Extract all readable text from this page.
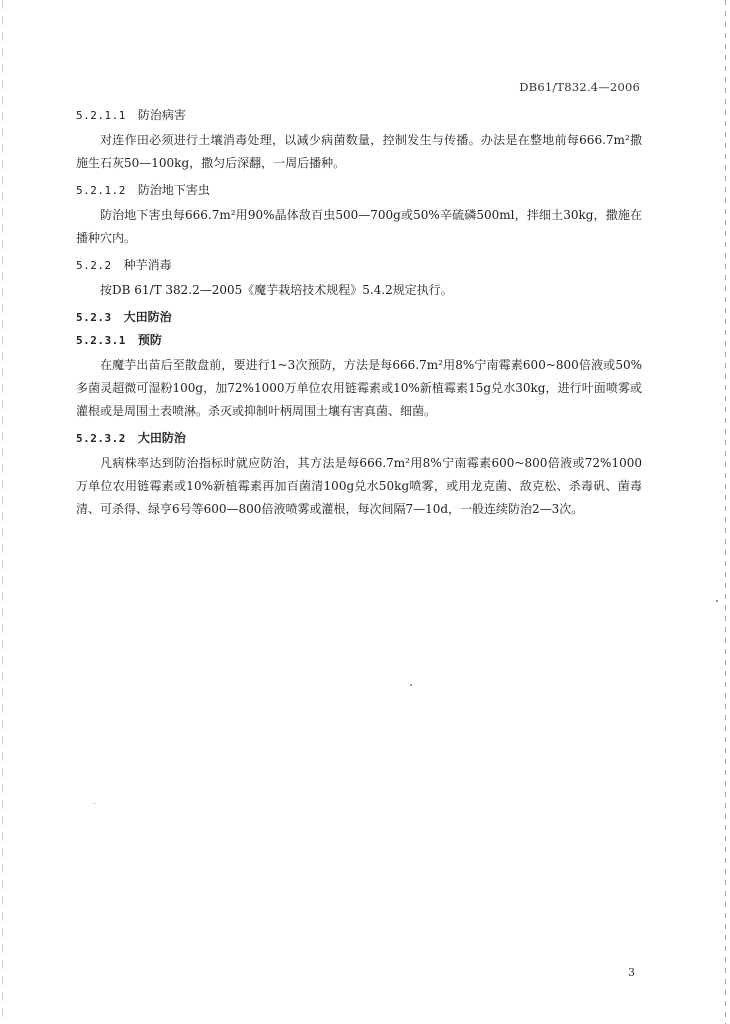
DB61/T832.4—2006
5.2.1.1 防治病害

对连作田必须进行土壤消毒处理，以减少病菌数量，控制发生与传播。办法是在整地前每666.7m²撒施生石灰50—100kg，撒匀后深翻，一周后播种。

5.2.1.2 防治地下害虫

防治地下害虫每666.7m²用90%晶体敌百虫500—700g或50%辛硫磷500ml，拌细土30kg，撒施在播种穴内。

5.2.2 种芋消毒

按DB 61/T 382.2—2005《魔芋栽培技术规程》5.4.2规定执行。

5.2.3 大田防治
5.2.3.1 预防

在魔芋出苗后至散盘前，要进行1~3次预防，方法是每666.7m²用8%宁南霉素600~800倍液或50%多菌灵超微可湿粉100g，加72%1000万单位农用链霉素或10%新植霉素15g兑水30kg，进行叶面喷雾或灌根或是周围土表喷淋。杀灭或抑制叶柄周围土壤有害真菌、细菌。

5.2.3.2 大田防治

凡病株率达到防治指标时就应防治，其方法是每666.7m²用8%宁南霉素600~800倍液或72%1000万单位农用链霉素或10%新植霉素再加百菌清100g兑水50kg喷雾，或用龙克菌、敌克松、杀毒矾、菌毒清、可杀得、绿亨6号等600—800倍液喷雾或灌根，每次间隔7—10d，一般连续防治2—3次。

3
